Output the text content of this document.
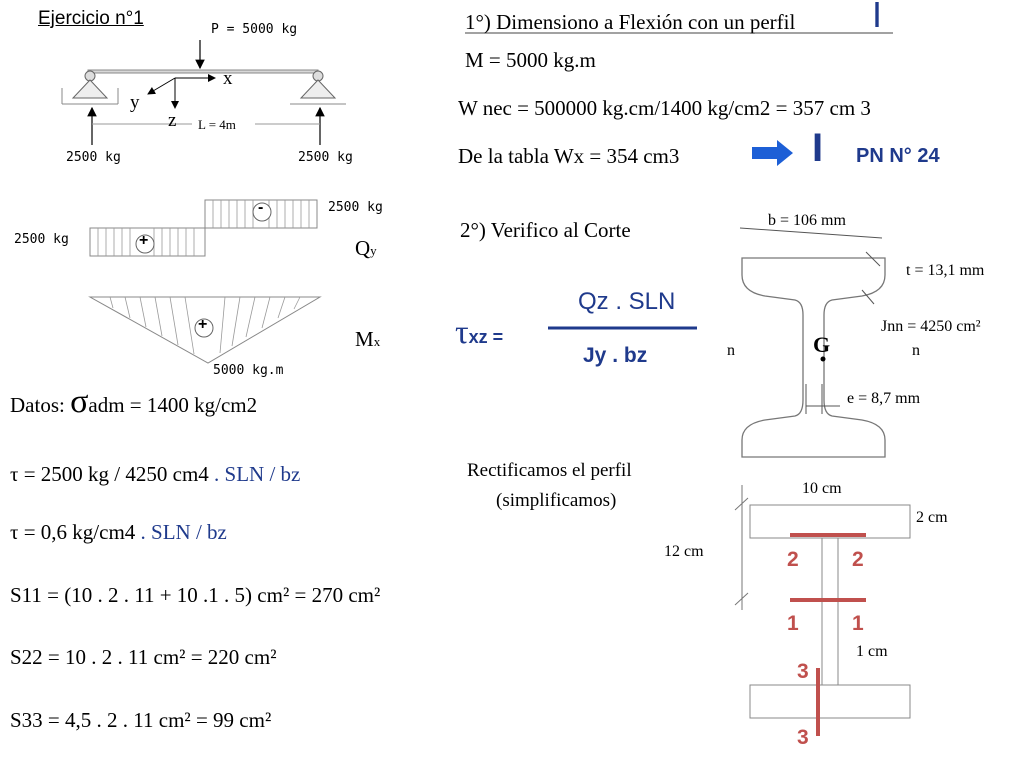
Ejercicio n°1
P = 5000 kg
x
y
z L = 4m
2500 kg	2500 kg
2500 kg
2500 kg
-
+	Qy
+
5000 kg.m
Mx
Datos: σadm = 1400 kg/cm2
τ = 2500 kg / 4250 cm4 . SLN / bz
τ = 0,6 kg/cm4 . SLN / bz
S11 = (10 . 2 . 11 + 10 .1 . 5) cm² = 270 cm²
S22 = 10 . 2 . 11 cm² = 220 cm²
S33 = 4,5 . 2 . 11 cm² = 99 cm²
1°) Dimensiono a Flexión con un perfil I
M = 5000 kg.m
W nec = 500000 kg.cm/1400 kg/cm2 = 357 cm 3
De la tabla Wx = 354 cm3	I PN N° 24
2°) Verifico al Corte
τxz =
Qz . SLN
Jy . bz
b = 106 mm
t = 13,1 mm
Jnn = 4250 cm²
n	n
G
e = 8,7 mm
Rectificamos el perfil
(simplificamos)
10 cm
2 cm
12 cm
1 cm
2	2
1	1
3
3
